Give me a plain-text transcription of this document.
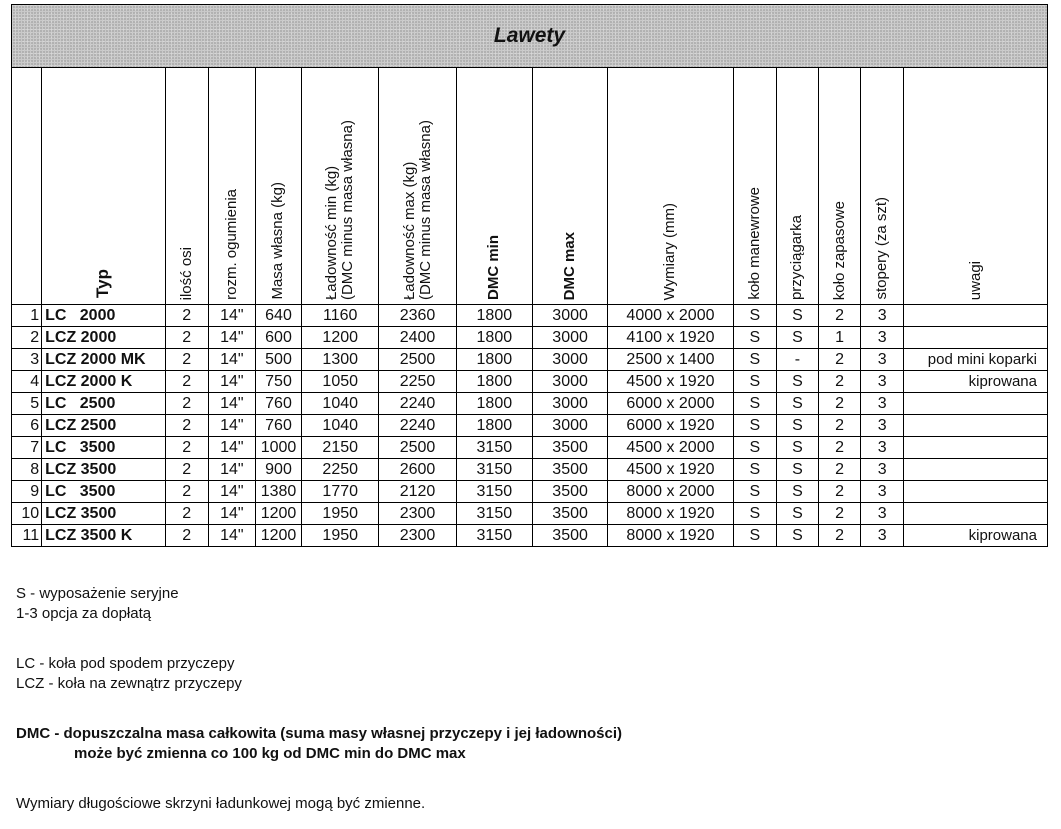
Lawety														

	Typ	ilość osi	rozm. ogumienia	Masa własna (kg)	Ładowność min (kg)
(DMC minus masa własna)	Ładowność max (kg)
(DMC minus masa własna)	DMC min	DMC max	Wymiary (mm)	koło manewrowe	przyciągarka	koło zapasowe	stopery (za szt)	uwagi

1	LC   2000	2	14"	640	1160	2360	1800	3000	4000 x 2000	S	S	2	3	
2	LCZ 2000	2	14"	600	1200	2400	1800	3000	4100 x 1920	S	S	1	3	
3	LCZ 2000 MK	2	14"	500	1300	2500	1800	3000	2500 x 1400	S	-	2	3	pod mini koparki
4	LCZ 2000 K	2	14"	750	1050	2250	1800	3000	4500 x 1920	S	S	2	3	kiprowana
5	LC   2500	2	14"	760	1040	2240	1800	3000	6000 x 2000	S	S	2	3	
6	LCZ 2500	2	14"	760	1040	2240	1800	3000	6000 x 1920	S	S	2	3	
7	LC   3500	2	14"	1000	2150	2500	3150	3500	4500 x 2000	S	S	2	3	
8	LCZ 3500	2	14"	900	2250	2600	3150	3500	4500 x 1920	S	S	2	3	
9	LC   3500	2	14"	1380	1770	2120	3150	3500	8000 x 2000	S	S	2	3	
10	LCZ 3500	2	14"	1200	1950	2300	3150	3500	8000 x 1920	S	S	2	3	
11	LCZ 3500 K	2	14"	1200	1950	2300	3150	3500	8000 x 1920	S	S	2	3	kiprowana

S - wyposażenie seryjne

1-3 opcja za dopłatą

LC - koła pod spodem przyczepy

LCZ - koła na zewnątrz przyczepy

DMC - dopuszczalna masa całkowita (suma masy własnej przyczepy i jej ładowności)

może być zmienna co 100 kg od DMC min do DMC max

Wymiary długościowe skrzyni ładunkowej mogą być zmienne.
